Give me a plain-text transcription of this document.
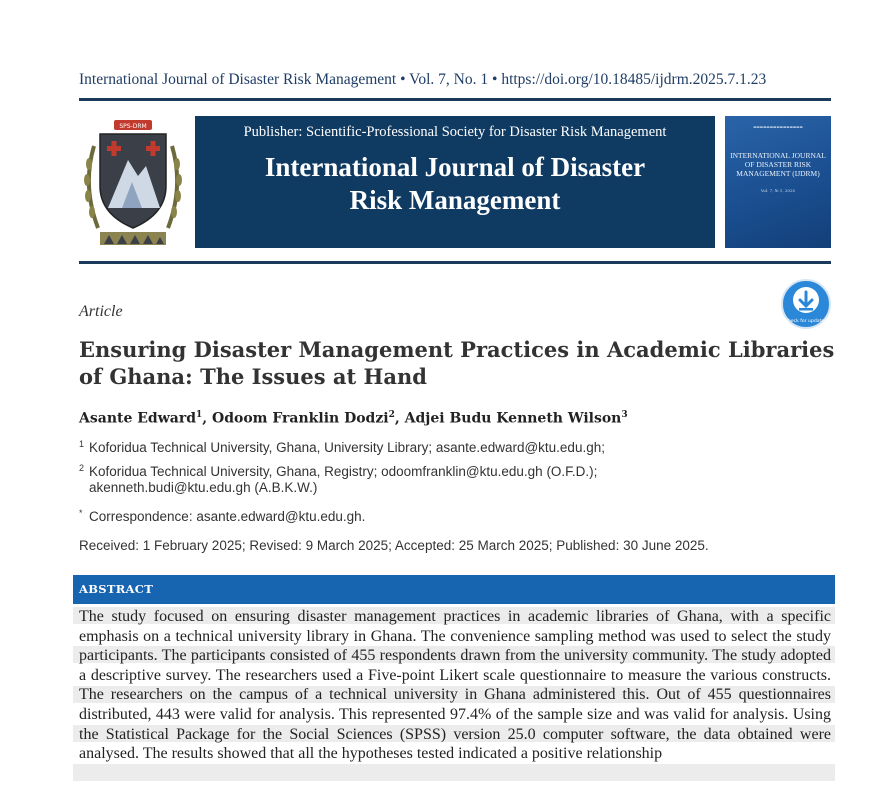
International Journal of Disaster Risk Management • Vol. 7, No. 1 • https://doi.org/10.18485/ijdrm.2025.7.1.23
SPS-DRM	Publisher: Scientific-Professional Society for Disaster Risk Management
International Journal of Disaster
Risk Management
▬▬▬▬▬▬▬▬▬▬▬▬▬▬▬
INTERNATIONAL JOURNAL OF DISASTER RISK MANAGEMENT (IJDRM)
Vol. 7, № 1, 2025
Article
check for updates
Ensuring Disaster Management Practices in Academic Libraries of Ghana: The Issues at Hand
Asante Edward$^1$, Odoom Franklin Dodzi$^2$, Adjei Budu Kenneth Wilson$^3$
1 Koforidua Technical University, Ghana, University Library; asante.edward@ktu.edu.gh;
2 Koforidua Technical University, Ghana, Registry; odoomfranklin@ktu.edu.gh (O.F.D.);
akenneth.budi@ktu.edu.gh (A.B.K.W.)
* Correspondence: asante.edward@ktu.edu.gh.
Received: 1 February 2025; Revised: 9 March 2025; Accepted: 25 March 2025; Published: 30 June 2025.
ABSTRACT

The study focused on ensuring disaster management practices in academic libraries of Ghana, with a specific emphasis on a technical university library in Ghana. The convenience sampling method was used to select the study participants. The participants consisted of 455 respondents drawn from the university community. The study adopted a descriptive survey. The researchers used a Five-point Likert scale questionnaire to measure the various constructs. The researchers on the campus of a technical university in Ghana administered this. Out of 455 questionnaires distributed, 443 were valid for analysis. This represented 97.4% of the sample size and was valid for analysis. Using the Statistical Package for the Social Sciences (SPSS) version 25.0 computer software, the data obtained were analysed. The results showed that all the hypotheses tested indicated a positive relationship
